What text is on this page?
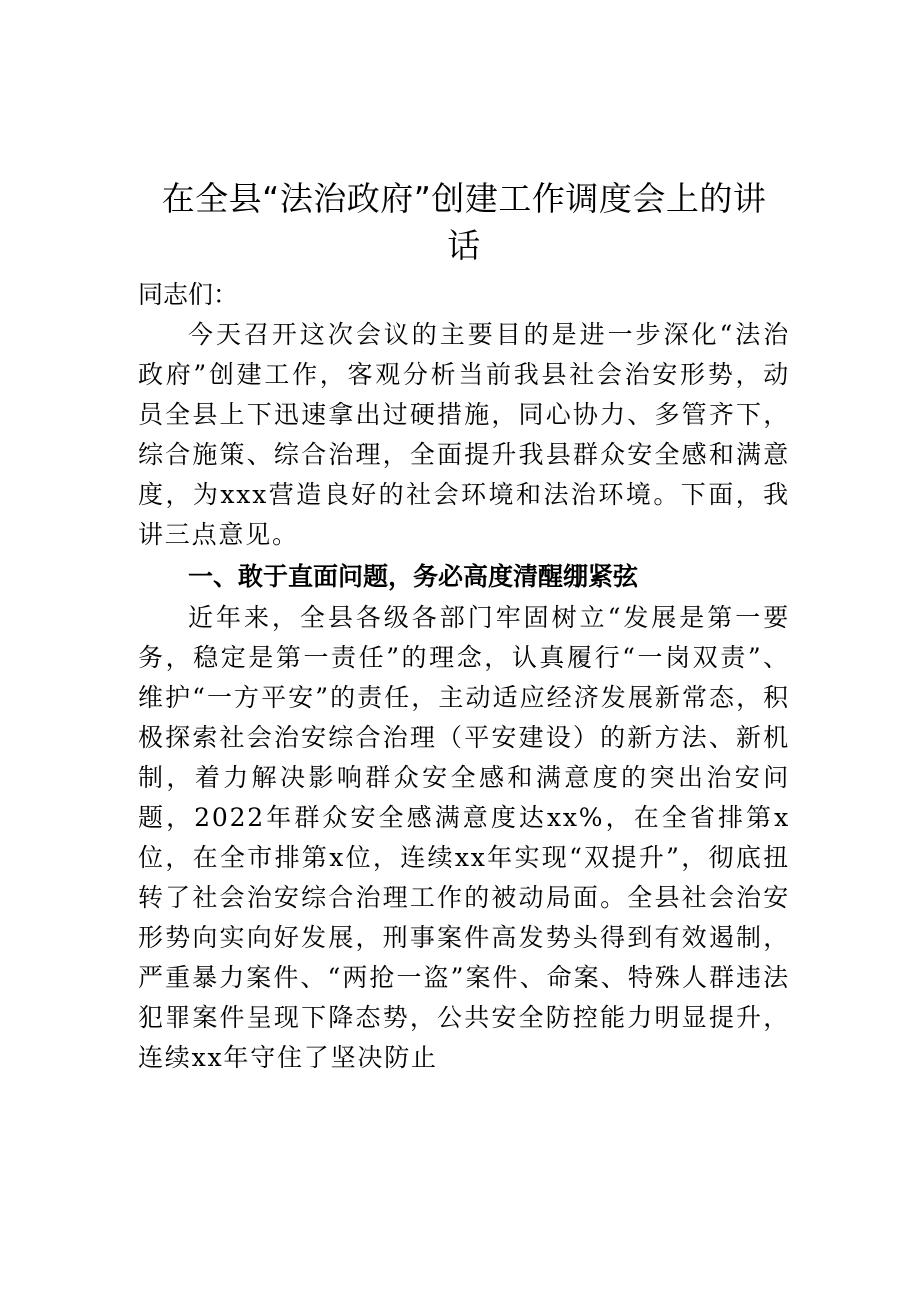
在全县“法治政府”创建工作调度会上的讲话

同志们：

今天召开这次会议的主要目的是进一步深化“法治政府”创建工作，客观分析当前我县社会治安形势，动员全县上下迅速拿出过硬措施，同心协力、多管齐下，综合施策、综合治理，全面提升我县群众安全感和满意度，为xxx营造良好的社会环境和法治环境。下面，我讲三点意见。

一、敢于直面问题，务必高度清醒绷紧弦

近年来，全县各级各部门牢固树立“发展是第一要务，稳定是第一责任”的理念，认真履行“一岗双责”、维护“一方平安”的责任，主动适应经济发展新常态，积极探索社会治安综合治理（平安建设）的新方法、新机制，着力解决影响群众安全感和满意度的突出治安问题，2022年群众安全感满意度达xx%，在全省排第x位，在全市排第x位，连续xx年实现“双提升”，彻底扭转了社会治安综合治理工作的被动局面。全县社会治安形势向实向好发展，刑事案件高发势头得到有效遏制，严重暴力案件、“两抢一盗”案件、命案、特殊人群违法犯罪案件呈现下降态势，公共安全防控能力明显提升，连续xx年守住了坚决防止
